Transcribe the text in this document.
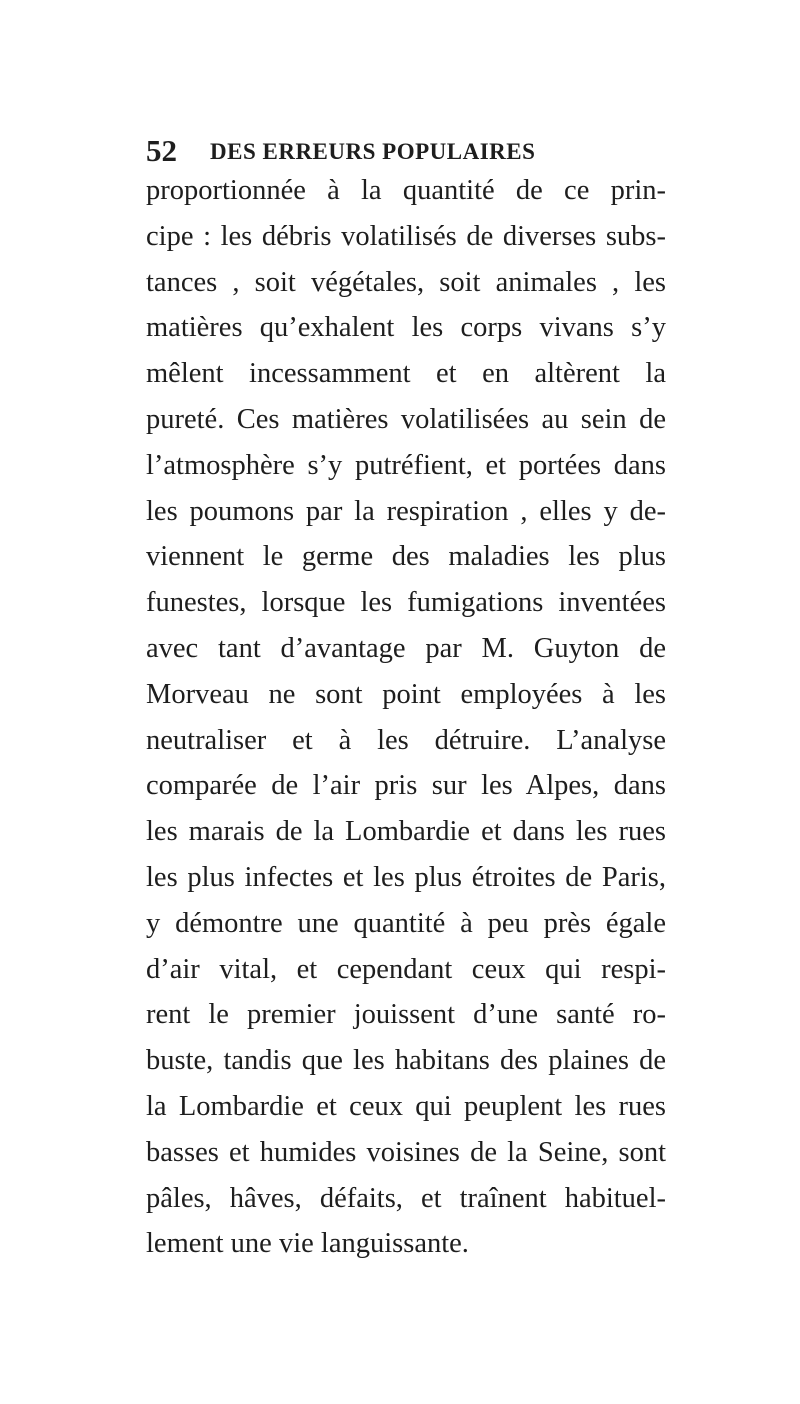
52 DES ERREURS POPULAIRES
proportionnée à la quantité de ce prin-
cipe : les débris volatilisés de diverses subs-
tances , soit végétales, soit animales , les
matières qu’exhalent les corps vivans s’y
mêlent incessamment et en altèrent la
pureté. Ces matières volatilisées au sein de
l’atmosphère s’y putréfient, et portées dans
les poumons par la respiration , elles y de-
viennent le germe des maladies les plus
funestes, lorsque les fumigations inventées
avec tant d’avantage par M. Guyton de
Morveau ne sont point employées à les
neutraliser et à les détruire. L’analyse
comparée de l’air pris sur les Alpes, dans
les marais de la Lombardie et dans les rues
les plus infectes et les plus étroites de Paris,
y démontre une quantité à peu près égale
d’air vital, et cependant ceux qui respi-
rent le premier jouissent d’une santé ro-
buste, tandis que les habitans des plaines de
la Lombardie et ceux qui peuplent les rues
basses et humides voisines de la Seine, sont
pâles, hâves, défaits, et traînent habituel-
lement une vie languissante.
